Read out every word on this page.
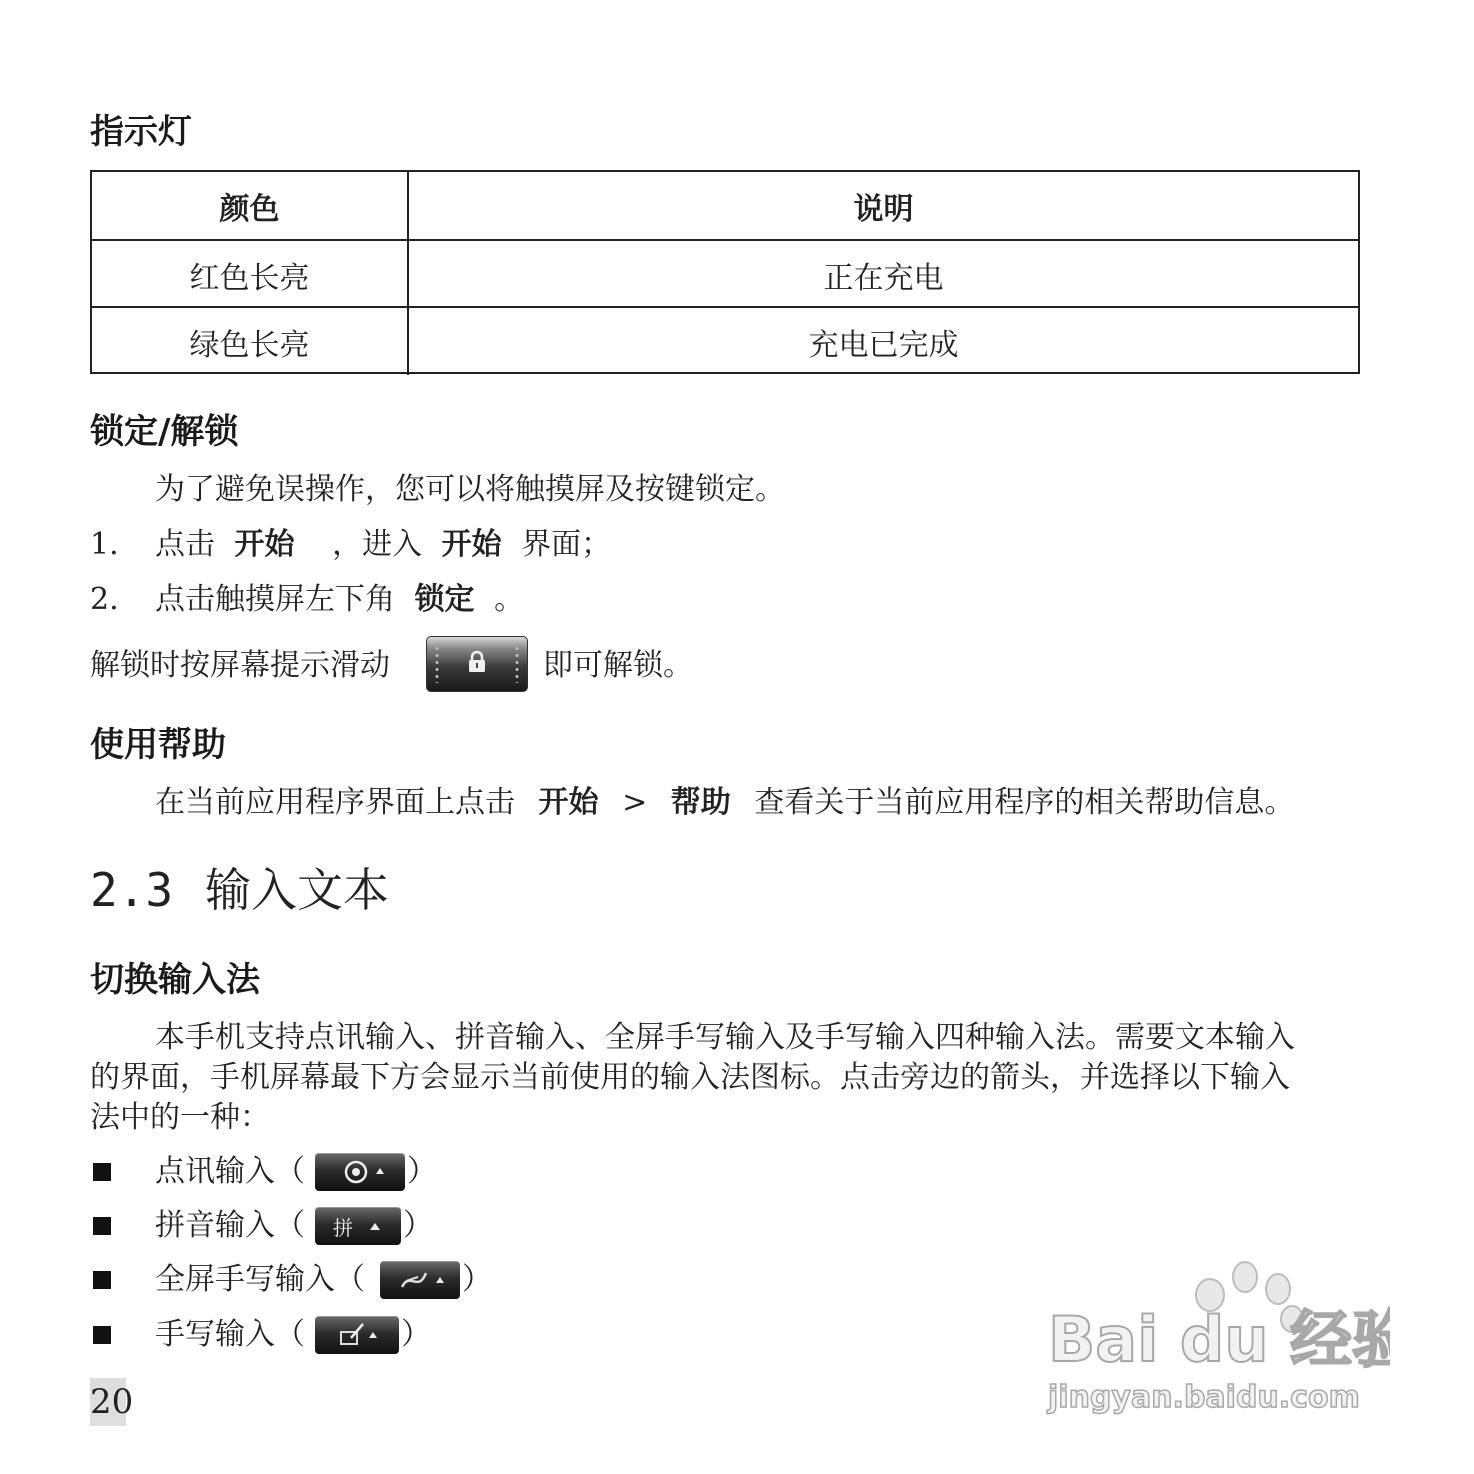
指示灯
颜色	说明
红色长亮	正在充电
绿色长亮	充电已完成
锁定/解锁
为了避免误操作，您可以将触摸屏及按键锁定。
1. 点击 开始 ，进入 开始 界面；
2. 点击触摸屏左下角 锁定 。
解锁时按屏幕提示滑动	即可解锁。
使用帮助
在当前应用程序界面上点击 开始 > 帮助 查看关于当前应用程序的相关帮助信息。
2.3 输入文本
切换输入法
本手机支持点讯输入、拼音输入、全屏手写输入及手写输入四种输入法。需要文本输入
的界面，手机屏幕最下方会显示当前使用的输入法图标。点击旁边的箭头，并选择以下输入
法中的一种：
点讯输入（	）
拼音输入（ 拼 ）
全屏手写输入（	）
手写输入（	）	Bai du 经验
jingyan.baidu.com
20
